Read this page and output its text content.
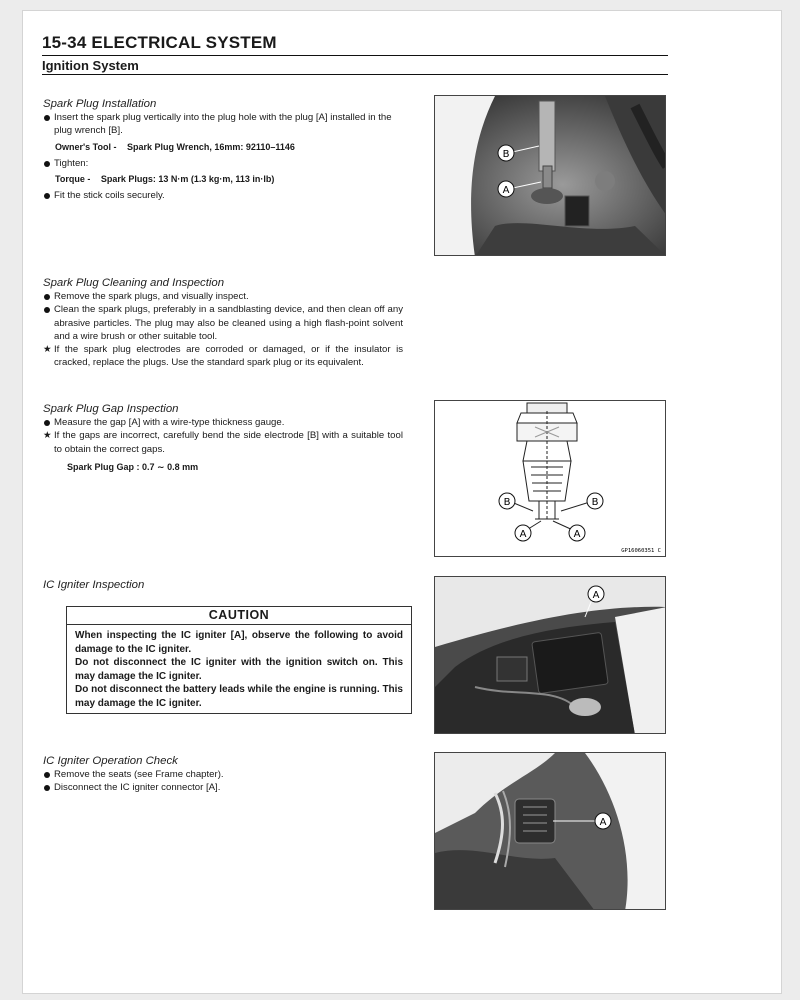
15-34 ELECTRICAL SYSTEM
Ignition System
Spark Plug Installation
Insert the spark plug vertically into the plug hole with the plug [A] installed in the plug wrench [B].
Owner's Tool - Spark Plug Wrench, 16mm: 92110–1146
Tighten:
Torque - Spark Plugs: 13 N·m (1.3 kg·m, 113 in·lb)
Fit the stick coils securely.
Spark Plug Cleaning and Inspection
Remove the spark plugs, and visually inspect.
Clean the spark plugs, preferably in a sandblasting device, and then clean off any abrasive particles. The plug may also be cleaned using a high flash-point solvent and a wire brush or other suitable tool.
★ If the spark plug electrodes are corroded or damaged, or if the insulator is cracked, replace the plugs. Use the standard spark plug or its equivalent.
Spark Plug Gap Inspection
Measure the gap [A] with a wire-type thickness gauge.
★ If the gaps are incorrect, carefully bend the side electrode [B] with a suitable tool to obtain the correct gaps.
Spark Plug Gap : 0.7 ∼ 0.8 mm
IC Igniter Inspection
CAUTION
When inspecting the IC igniter [A], observe the following to avoid damage to the IC igniter.
Do not disconnect the IC igniter with the ignition switch on. This may damage the IC igniter.
Do not disconnect the battery leads while the engine is running. This may damage the IC igniter.
IC Igniter Operation Check
Remove the seats (see Frame chapter).
Disconnect the IC igniter connector [A].
B
A
B	B
A	A
GP16060351 C
A
A
